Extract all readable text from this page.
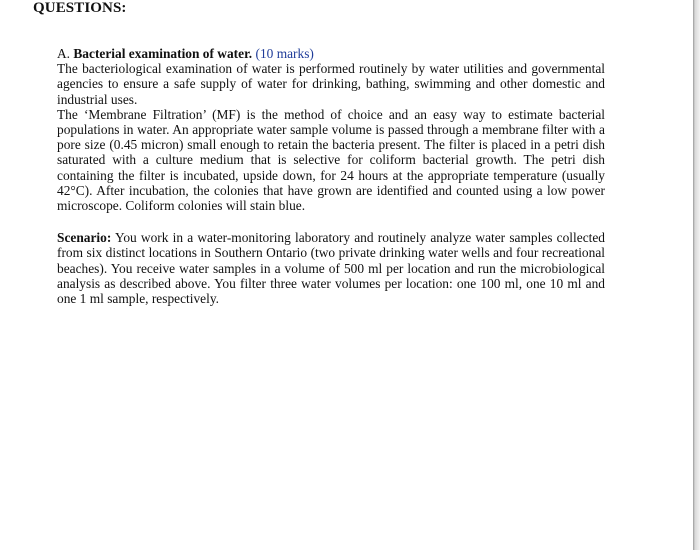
QUESTIONS:

A. Bacterial examination of water. (10 marks)

The bacteriological examination of water is performed routinely by water utilities and governmental agencies to ensure a safe supply of water for drinking, bathing, swimming and other domestic and industrial uses.

The ‘Membrane Filtration’ (MF) is the method of choice and an easy way to estimate bacterial populations in water. An appropriate water sample volume is passed through a membrane filter with a pore size (0.45 micron) small enough to retain the bacteria present. The filter is placed in a petri dish saturated with a culture medium that is selective for coliform bacterial growth. The petri dish containing the filter is incubated, upside down, for 24 hours at the appropriate temperature (usually 42°C). After incubation, the colonies that have grown are identified and counted using a low power microscope. Coliform colonies will stain blue.

Scenario: You work in a water-monitoring laboratory and routinely analyze water samples collected from six distinct locations in Southern Ontario (two private drinking water wells and four recreational beaches). You receive water samples in a volume of 500 ml per location and run the microbiological analysis as described above. You filter three water volumes per location: one 100 ml, one 10 ml and one 1 ml sample, respectively.
